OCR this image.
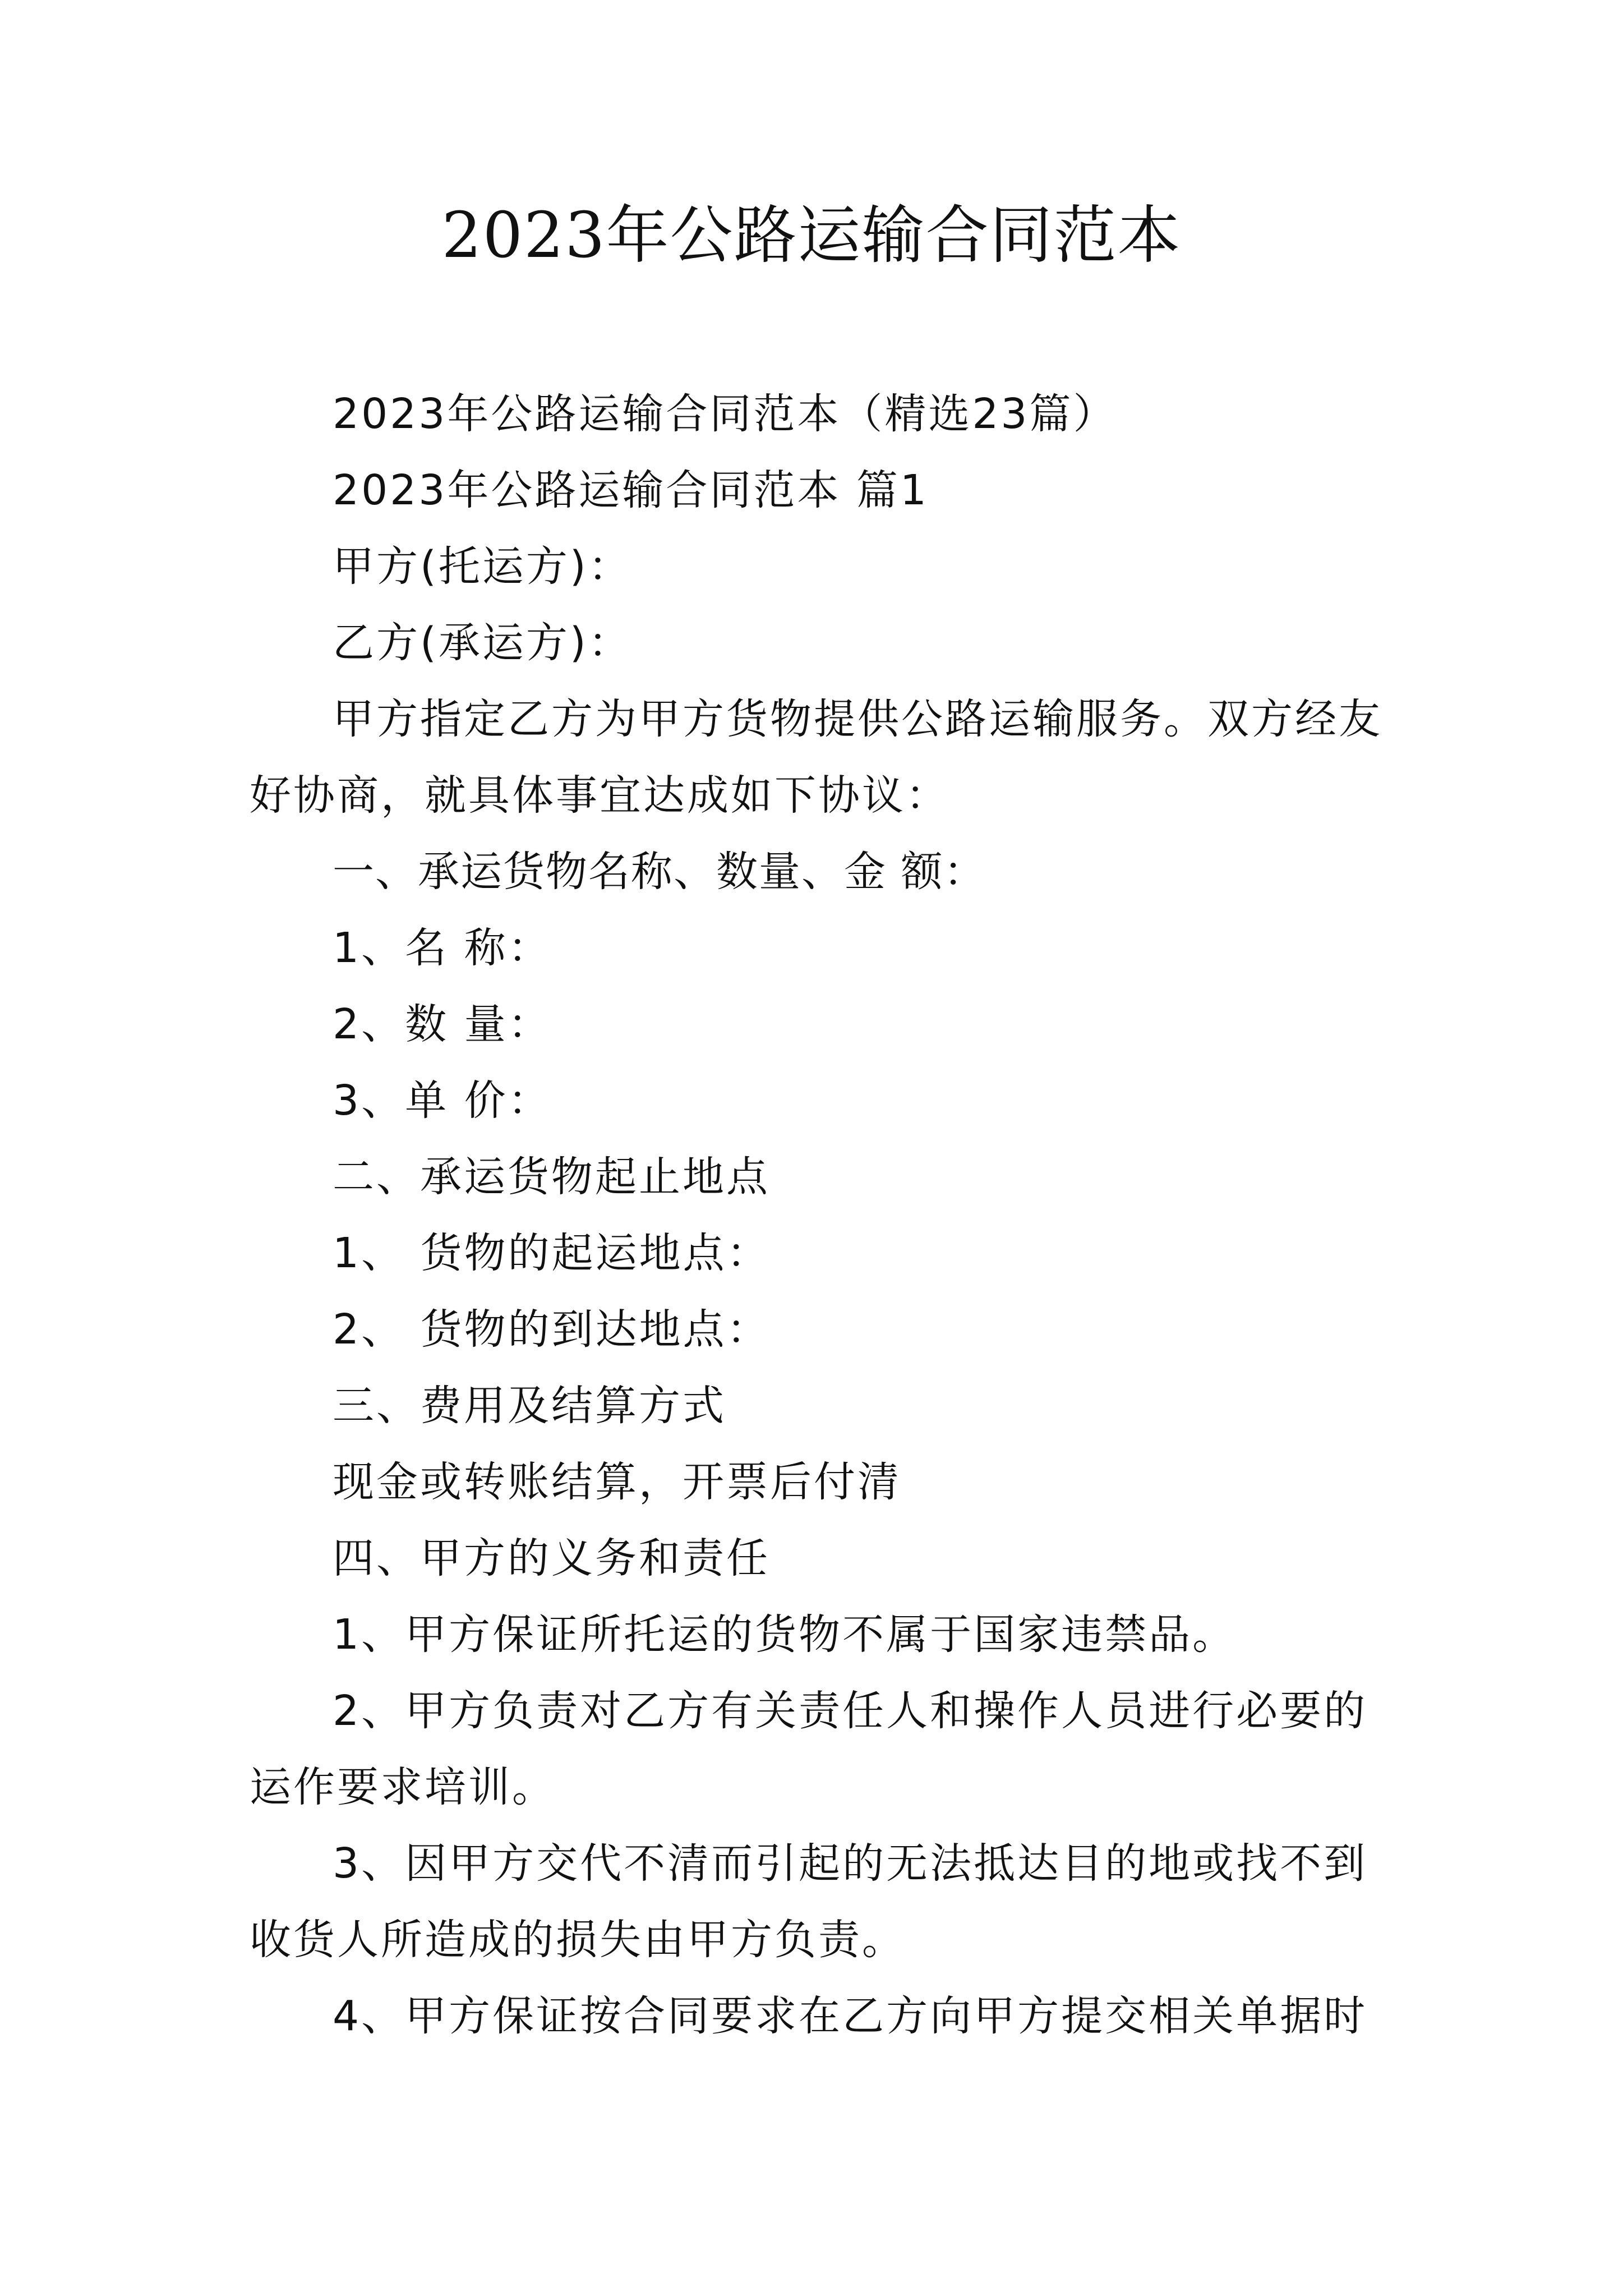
2023年公路运输合同范本

2023年公路运输合同范本（精选23篇）

2023年公路运输合同范本 篇1

甲方(托运方)：

乙方(承运方)：

甲方指定乙方为甲方货物提供公路运输服务。双方经友好协商，就具体事宜达成如下协议：

一、承运货物名称、数量、金 额：

1、名 称：

2、数 量：

3、单 价：

二、承运货物起止地点

1、 货物的起运地点：

2、 货物的到达地点：

三、费用及结算方式

现金或转账结算，开票后付清

四、甲方的义务和责任

1、甲方保证所托运的货物不属于国家违禁品。

2、甲方负责对乙方有关责任人和操作人员进行必要的运作要求培训。

3、因甲方交代不清而引起的无法抵达目的地或找不到收货人所造成的损失由甲方负责。

4、甲方保证按合同要求在乙方向甲方提交相关单据时
